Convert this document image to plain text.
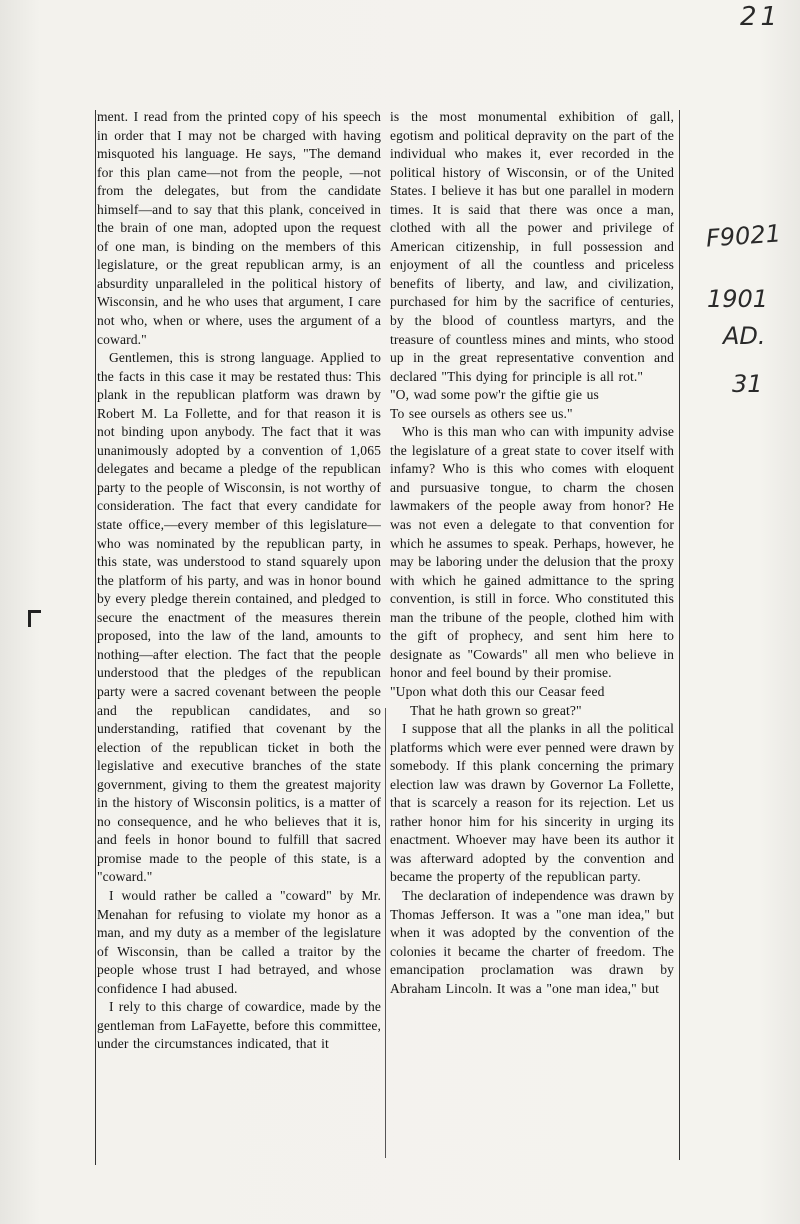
21
F9021
1901
AD.
31

ment. I read from the printed copy of his speech in order that I may not be charged with having misquoted his language. He says, "The demand for this plan came—not from the people, —not from the delegates, but from the candidate himself—and to say that this plank, conceived in the brain of one man, adopted upon the request of one man, is binding on the members of this legislature, or the great republican army, is an absurdity unparalleled in the political history of Wisconsin, and he who uses that argument, I care not who, when or where, uses the argument of a coward."

Gentlemen, this is strong language. Applied to the facts in this case it may be restated thus: This plank in the republican platform was drawn by Robert M. La Follette, and for that reason it is not binding upon anybody. The fact that it was unanimously adopted by a convention of 1,065 delegates and became a pledge of the republican party to the people of Wisconsin, is not worthy of consideration. The fact that every candidate for state office,—every member of this legislature—who was nominated by the republican party, in this state, was understood to stand squarely upon the platform of his party, and was in honor bound by every pledge therein contained, and pledged to secure the enactment of the measures therein proposed, into the law of the land, amounts to nothing—after election. The fact that the people understood that the pledges of the republican party were a sacred covenant between the people and the republican candidates, and so understanding, ratified that covenant by the election of the republican ticket in both the legislative and executive branches of the state government, giving to them the greatest majority in the history of Wisconsin politics, is a matter of no consequence, and he who believes that it is, and feels in honor bound to fulfill that sacred promise made to the people of this state, is a "coward."

I would rather be called a "coward" by Mr. Menahan for refusing to violate my honor as a man, and my duty as a member of the legislature of Wisconsin, than be called a traitor by the people whose trust I had betrayed, and whose confidence I had abused.

I rely to this charge of cowardice, made by the gentleman from LaFayette, before this committee, under the circumstances indicated, that it

is the most monumental exhibition of gall, egotism and political depravity on the part of the individual who makes it, ever recorded in the political history of Wisconsin, or of the United States. I believe it has but one parallel in modern times. It is said that there was once a man, clothed with all the power and privilege of American citizenship, in full possession and enjoyment of all the countless and priceless benefits of liberty, and law, and civilization, purchased for him by the sacrifice of centuries, by the blood of countless martyrs, and the treasure of countless mines and mints, who stood up in the great representative convention and declared "This dying for principle is all rot."

"O, wad some pow'r the giftie gie us

To see oursels as others see us."

Who is this man who can with impunity advise the legislature of a great state to cover itself with infamy? Who is this who comes with eloquent and pursuasive tongue, to charm the chosen lawmakers of the people away from honor? He was not even a delegate to that convention for which he assumes to speak. Perhaps, however, he may be laboring under the delusion that the proxy with which he gained admittance to the spring convention, is still in force. Who constituted this man the tribune of the people, clothed him with the gift of prophecy, and sent him here to designate as "Cowards" all men who believe in honor and feel bound by their promise.

"Upon what doth this our Ceasar feed

That he hath grown so great?"

I suppose that all the planks in all the political platforms which were ever penned were drawn by somebody. If this plank concerning the primary election law was drawn by Governor La Follette, that is scarcely a reason for its rejection. Let us rather honor him for his sincerity in urging its enactment. Whoever may have been its author it was afterward adopted by the convention and became the property of the republican party.

The declaration of independence was drawn by Thomas Jefferson. It was a "one man idea," but when it was adopted by the convention of the colonies it became the charter of freedom. The emancipation proclamation was drawn by Abraham Lincoln. It was a "one man idea," but
